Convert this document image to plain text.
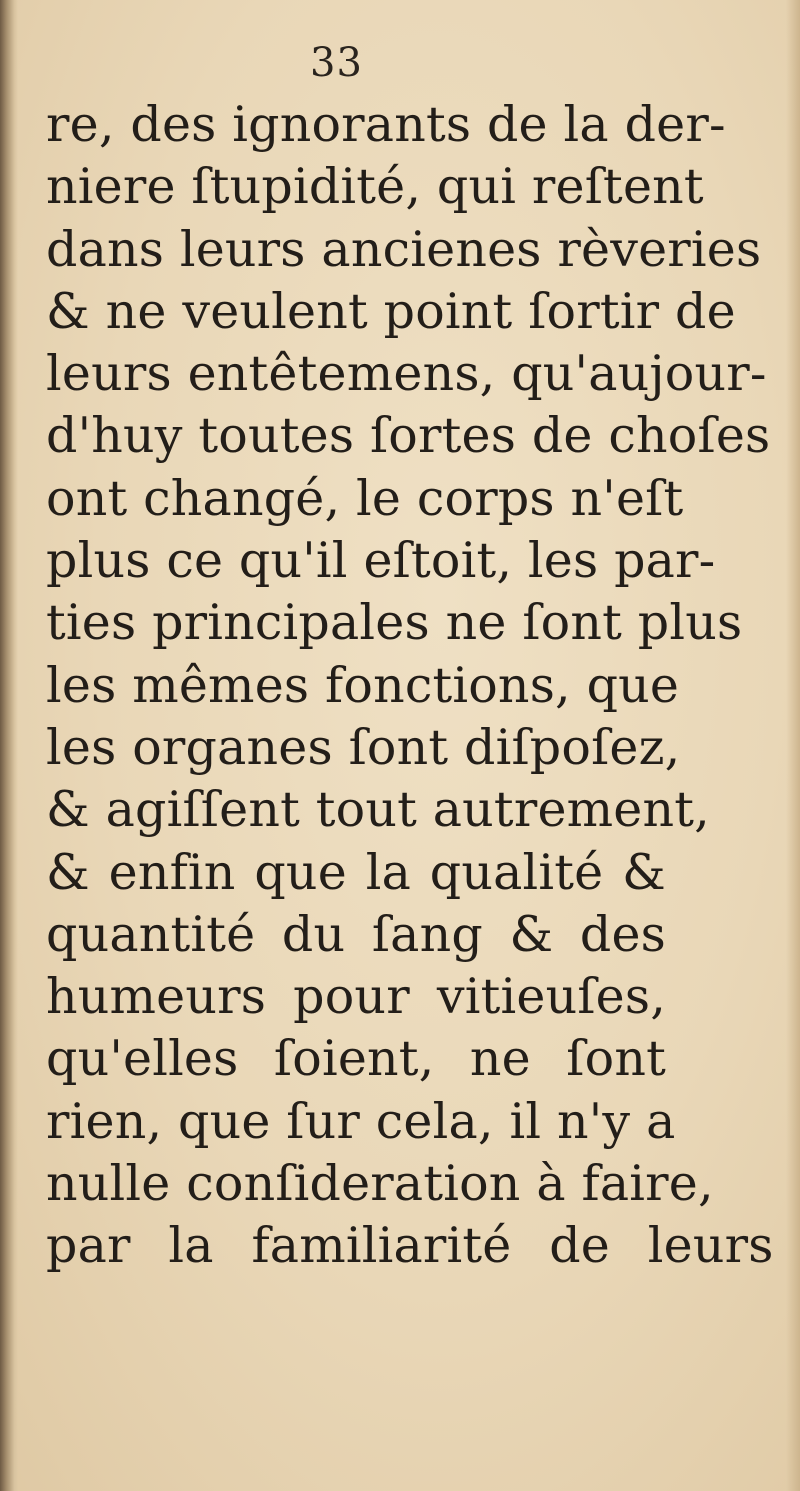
33
re, des ignorants de la der-
niere ſtupidité, qui reſtent
dans leurs ancienes rèveries
& ne veulent point ſortir de
leurs entêtemens, qu'aujour-
d'huy toutes ſortes de choſes
ont changé, le corps n'eſt
plus ce qu'il eſtoit, les par-
ties principales ne ſont plus
les mêmes fonctions, que
les organes ſont diſpoſez,
& agiſſent tout autrement,
& enfin que la qualité &
quantité du ſang & des
humeurs pour vitieuſes,
qu'elles ſoient, ne ſont
rien, que ſur cela, il n'y a
nulle conſideration à faire,
par la familiarité de leurs
